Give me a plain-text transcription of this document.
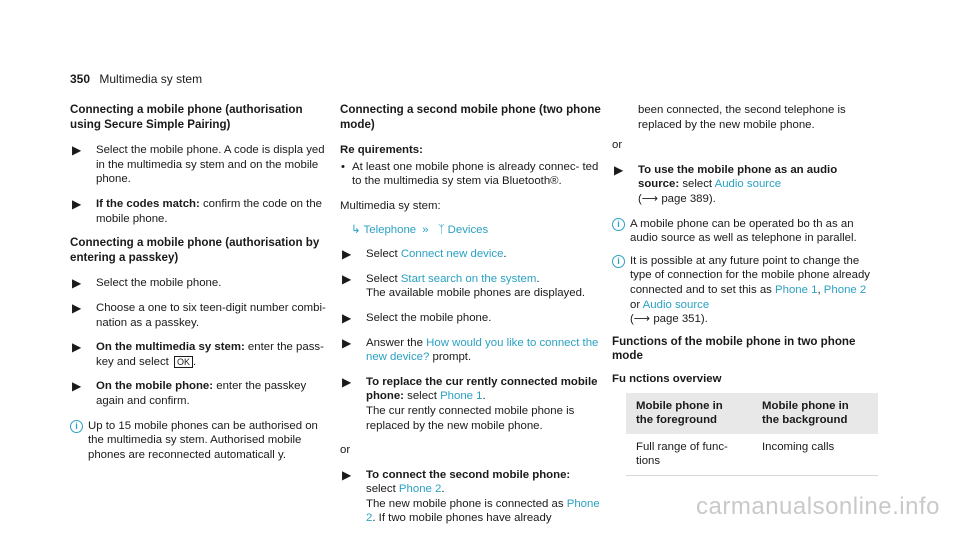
350 Multimedia sy stem
Connecting a mobile phone (authorisation using Secure Simple Pairing)
▶︎ Select the mobile phone. A code is displa yed in the multimedia sy stem and on the mobile phone.
▶︎ If the codes match: confirm the code on the mobile phone.
Connecting a mobile phone (authorisation by entering a passkey)
▶︎ Select the mobile phone.
▶︎ Choose a one to six teen-digit number combi‐ nation as a passkey.
▶︎ On the multimedia sy stem: enter the pass‐ key and select OK .
▶︎ On the mobile phone: enter the passkey again and confirm.
i Up to 15 mobile phones can be authorised on the multimedia sy stem. Authorised mobile phones are reconnected automaticall y.
Connecting a second mobile phone (two phone mode)
Re quirements:
• At least one mobile phone is already connec‐ ted to the multimedia sy stem via Bluetooth®.
Multimedia sy stem:
↳ Telephone » ᛉ Devices
▶︎ Select Connect new device.
▶︎ Select Start search on the system.
The available mobile phones are displayed.
▶︎ Select the mobile phone.
▶︎ Answer the How would you like to connect the new device? prompt.
▶︎ To replace the cur rently connected mobile phone: select Phone 1.
The cur rently connected mobile phone is replaced by the new mobile phone.
or
▶︎ To connect the second mobile phone:
select Phone 2.
The new mobile phone is connected as Phone 2. If two mobile phones have already
been connected, the second telephone is replaced by the new mobile phone.
or
▶︎ To use the mobile phone as an audio source: select Audio source
(⟶ page 389).
i A mobile phone can be operated bo th as an audio source as well as telephone in parallel.
i It is possible at any future point to change the type of connection for the mobile phone already connected and to set this as Phone 1, Phone 2 or Audio source
(⟶ page 351).
Functions of the mobile phone in two phone mode
Fu nctions overview
Mobile phone in the foreground	Mobile phone in the background
Full range of func‐ tions	Incoming calls
carmanualsonline.info
